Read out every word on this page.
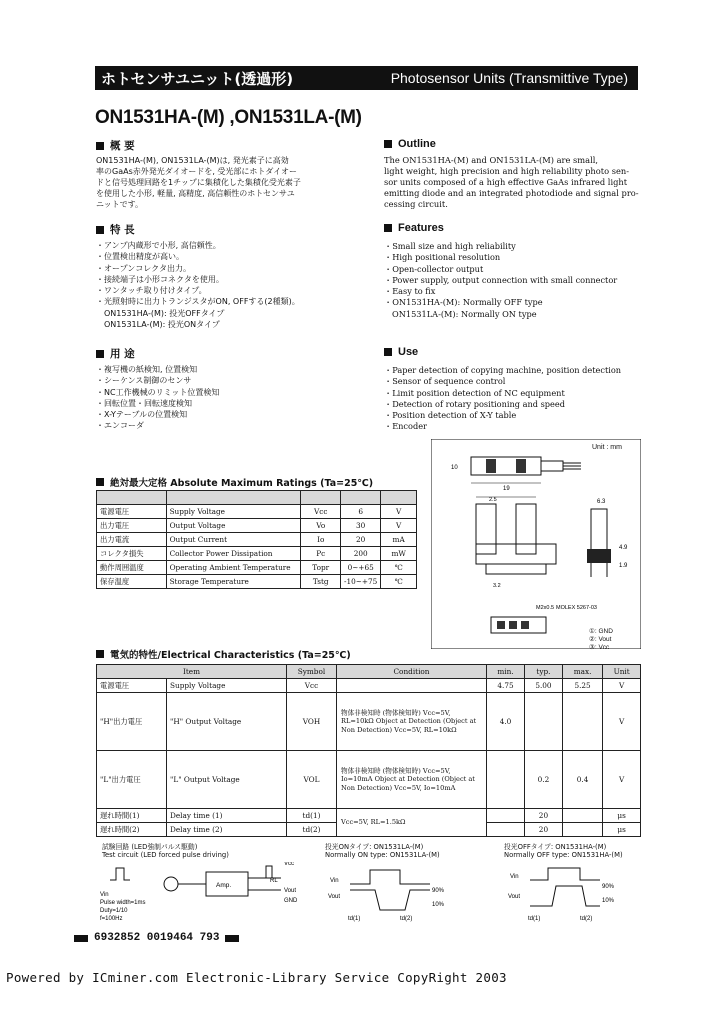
ホトセンサユニット(透過形)	Photosensor Units (Transmittive Type)
ON1531HA-(M) ,ON1531LA-(M)
概 要
ON1531HA-(M), ON1531LA-(M)は, 発光素子に高効
率のGaAs赤外発光ダイオードを, 受光部にホトダイオー
ドと信号処理回路を1チップに集積化した集積化受光素子
を使用した小形, 軽量, 高精度, 高信頼性のホトセンサユ
ニットです。
Outline
The ON1531HA-(M) and ON1531LA-(M) are small,
light weight, high precision and high reliability photo sen-
sor units composed of a high effective GaAs infrared light
emitting diode and an integrated photodiode and signal pro-
cessing circuit.
特 長
・アンプ内蔵形で小形, 高信頼性。
・位置検出精度が高い。
・オープンコレクタ出力。
・接続端子は小形コネクタを使用。
・ワンタッチ取り付けタイプ。
・光照射時に出力トランジスタがON, OFFする(2種類)。
ON1531HA-(M): 投光OFFタイプ
ON1531LA-(M): 投光ONタイプ
Features
・Small size and high reliability
・High positional resolution
・Open-collector output
・Power supply, output connection with small connector
・Easy to fix
・ON1531HA-(M): Normally OFF type
ON1531LA-(M): Normally ON type
用 途
・複写機の紙検知, 位置検知
・シーケンス制御のセンサ
・NC工作機械のリミット位置検知
・回転位置・回転速度検知
・X-Yテーブルの位置検知
・エンコーダ
Use
・Paper detection of copying machine, position detection
・Sensor of sequence control
・Limit position detection of NC equipment
・Detection of rotary positioning and speed
・Position detection of X-Y table
・Encoder
19
10
2.5
3.2
6.3
4.9
1.9
M2x0.5 MOLEX 5267-03
Unit : mm
①: GND
②: Vout
③: Vcc
絶対最大定格 Absolute Maximum Ratings (Ta=25℃)

電源電圧	Supply Voltage	Vcc	6	V
出力電圧	Output Voltage	Vo	30	V
出力電流	Output Current	Io	20	mA
コレクタ損失	Collector Power Dissipation	Pc	200	mW
動作周囲温度	Operating Ambient Temperature	Topr	0~+65	℃
保存温度	Storage Temperature	Tstg	-10~+75	℃
電気的特性/Electrical Characteristics (Ta=25℃)
Item		Symbol	Condition	min.	typ.	max.	Unit
電源電圧	Supply Voltage	Vcc		4.75	5.00	5.25	V
"H"出力電圧	"H" Output Voltage	VOH	物体非検知時 (物体検知時) Vcc=5V, RL=10kΩ Object at Detection (Object at Non Detection) Vcc=5V, RL=10kΩ	4.0			V
"L"出力電圧	"L" Output Voltage	VOL	物体非検知時 (物体検知時) Vcc=5V, Io=10mA Object at Detection (Object at Non Detection) Vcc=5V, Io=10mA		0.2	0.4	V
遅れ時間(1)	Delay time (1)	td(1)	Vcc=5V, RL=1.5kΩ		20		μs
遅れ時間(2)	Delay time (2)	td(2)			20		μs
試験回路 (LED強制パルス駆動)
Test circuit (LED forced pulse driving)
Amp.
RL
Vcc
Vout
GND
Vin
Pulse width=1ms
Duty=1/10
f=100Hz
投光ONタイプ: ON1531LA-(M)
Normally ON type: ON1531LA-(M)
Vin
Vout
90%
10%
td(1)	td(2)
投光OFFタイプ: ON1531HA-(M)
Normally OFF type: ON1531HA-(M)
Vin
Vout
90%
10%
td(1)	td(2)
6932852 0019464 793
Powered by ICminer.com Electronic-Library Service CopyRight 2003
